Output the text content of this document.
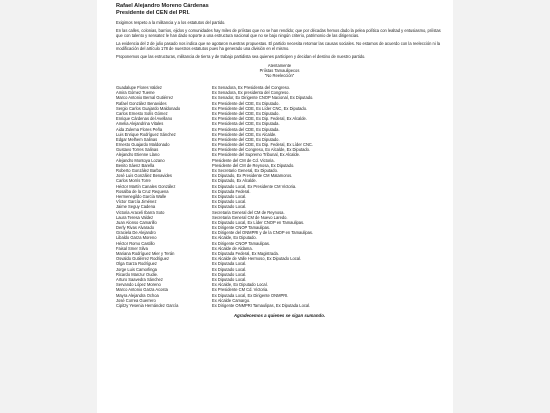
Rafael Alejandro Moreno Cárdenas
Presidente del CEN del PRI.
Exigimos respeto a la militancia y a los estatutos del partido.
En las calles, colonias, barrios, ejidos y comunidades hay miles de priístas que no se han rendido; que por décadas hemos dado la pelea política con lealtad y entusiasmo, priístas que con talento y sensatez le han dado soporte a una estructura nacional que no se bajo ningún criterio, patrimonio de las dirigencias.
La evidencia del 2 de julio pasado nos indica que se agotaron nuestras propuestas. El partido necesita retomar las causas sociales. No estamos de acuerdo con la reelección ni la modificación del artículo 178 de nuestros estatutos pues ha generado una división en el mismo.
Proponemos que las estructuras, militancia de tierra y de trabajo partidista sea quienes participen y decidan el destino de nuestro partido.
Atentamente
Priístas Tamaulipecos
"No Reelección"
Guadalupe Flores Valdez	Ex Senadora, Ex Presidenta del Congreso.
Amira Gómez Tueme	Ex Senadora, Ex presidenta del Congreso.
Marco Antonio Bernal Gutiérrez	Ex Senador, Ex Dirigente CNOP Nacional, Ex Diputado.
Rafael González Benavides	Ex Presidente del CDE, Ex Diputado.
Sergio Carlos Guajardo Maldonado	Ex Presidente del CDE, Ex Líder CNC, Ex Diputado.
Carlos Ernesto Solís Gómez	Ex Presidente del CDE, Ex Diputado.
Enrique Cárdenas del Avellano	Ex Presidente del CDE, Ex Dip. Federal, Ex Alcalde.
Amelia Alejandrina Vitales	Ex Presidenta del CDE, Ex Diputada.
Aida Zulema Flores Peña	Ex Presidenta del CDE, Ex Diputada.
Luis Enrique Rodríguez Sánchez	Ex Presidente del CDE, Ex Alcalde.
Edgar Melhem Salinas	Ex Presidente del CDE, Ex Diputado.
Ernesto Guajardo Maldonado	Ex Presidente del CDE, Ex Dip. Federal, Ex Líder CNC.
Gustavo Torres Salinas	Ex Presidente del Congreso, Ex Alcalde, Ex Diputado.
Alejandro Etienne Llano	Ex Presidente del Supremo Tribunal, Ex Alcalde.
Alejandro Montoya Lozano	Presidente del CM de Cd. Victoria.
Benito Sáenz Barella	Presidente del CM de Reynosa, Ex Diputado.
Roberto González Barba	Ex Secretario General, Ex Diputado.
José Luis González Benavides	Ex Diputado, Ex Presidente CM Matamoros.
Carlos Morris Torre	Ex Diputado, Ex Alcalde.
Héctor Martín Canales González	Ex Diputado Local, Ex Presidente CM Victoria.
Rosalba de la Cruz Requena	Ex Diputada Federal.
Hermenegildo García Walle	Ex Diputado Local.
Víctor García Jiménez	Ex Diputado Local.
Jaime Seguy Cadena	Ex Diputado Local.
Victoria Araceli Ibarra Soto	Secretaria General del CM de Reynosa.
Laura Teresa Valdez	Secretaria General CM de Nuevo Laredo.
Juan Alonso Camarillo	Ex Diputado Local, Ex Líder CNOP en Tamaulipas.
Derly Rivas Alvarado	Ex Dirigente CNOP Tamaulipas.
Graciela De Alejandro	Ex Dirigente del ONMPRI y de la CNOP en Tamaulipas.
Libaldo Garza Moreno	Ex Alcalde, Ex Diputado.
Héctor Romo Castillo	Ex Dirigente CNOP Tamaulipas.
Faisal Smer Silva	Ex Alcalde de Aldama.
Mariana Rodríguez Mier y Terán	Ex Diputada Federal, Ex Magistrada.
Osvaldo Gutiérrez Rodríguez	Ex Alcalde de Valle Hermoso, Ex Diputado Local.
Olga Garza Rodríguez	Ex Diputada Local.
Jorge Luis Camorlinga	Ex Diputado Local.
Ricardo Manzur Oudie.	Ex Diputado Local.
Arturo Saavedra Sánchez	Ex Diputado Local.
Servando López Moreno	Ex Alcalde, Ex Diputado Local.
Marco Antonio Garza Acosta	Ex Presidente CM Cd. Victoria.
Mayra Alejandra Ochoa	Ex Diputada Local, Ex Dirigente ONMPRI.
José Correa Guerrero	Ex Alcalde Camargo.
Cipitzy Yesenia Hernández García	Ex Dirigente ONMPRI Tamaulipas, Ex Diputada Local.
Agradecemos a quienes se sigan sumando.
